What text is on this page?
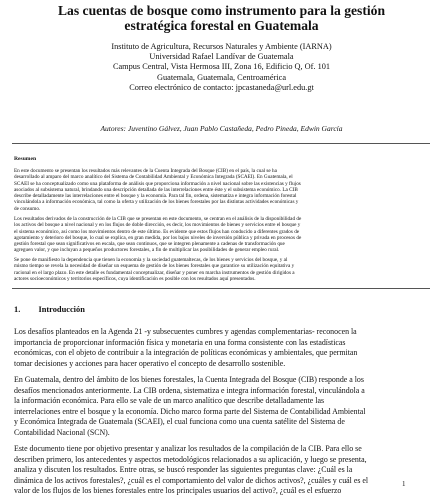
Las cuentas de bosque como instrumento para la gestión
estratégica forestal en Guatemala
Instituto de Agricultura, Recursos Naturales y Ambiente (IARNA)
Universidad Rafael Landívar de Guatemala
Campus Central, Vista Hermosa III, Zona 16, Edificio Q, Of. 101
Guatemala, Guatemala, Centroamérica
Correo electrónico de contacto: jpcastaneda@url.edu.gt
Autores: Juventino Gálvez, Juan Pablo Castañeda, Pedro Pineda, Edwin García
Resumen
En este documento se presentan los resultados más relevantes de la Cuenta Integrada del Bosque (CIB) en el país, la cual se ha
desarrollado al amparo del marco analítico del Sistema de Contabilidad Ambiental y Económica Integrada (SCAEI). En Guatemala, el
SCAEI se ha conceptualizado como una plataforma de análisis que proporciona información a nivel nacional sobre las existencias y flujos
asociados al subsistema natural, brindando una descripción detallada de las interrelaciones entre éste y el subsistema económico. La CIB
describe detalladamente las interrelaciones entre el bosque y la economía. Para tal fin, ordena, sistematiza e integra información forestal
vinculándola a información económica, tal como la oferta y utilización de los bienes forestales por las distintas actividades económicas y
de consumo.
Los resultados derivados de la construcción de la CIB que se presentan en este documento, se centran en el análisis de la disponibilidad de
los activos del bosque a nivel nacional y en los flujos de doble dirección, es decir, los movimientos de bienes y servicios entre el bosque y
el sistema económico, así como los movimientos dentro de este último. Es evidente que estos flujos han conducido a diferentes grados de
agotamiento y deterioro del bosque, lo cual se explica, en gran medida, por los bajos niveles de inversión pública y privada en procesos de
gestión forestal que sean significativos en escala, que sean continuos, que se integren plenamente a cadenas de transformación que
agreguen valor, y que incluyan a pequeños productores forestales, a fin de multiplicar las posibilidades de generar empleo rural.
Se pone de manifiesto la dependencia que tienen la economía y la sociedad guatemaltecas, de los bienes y servicios del bosque, y al
mismo tiempo se revela la necesidad de diseñar un esquema de gestión de los bienes forestales que garantice su utilización equitativa y
racional en el largo plazo. En este detalle es fundamental conceptualizar, diseñar y poner en marcha instrumentos de gestión dirigidos a
actores socioeconómicos y territorios específicos, cuya identificación es posible con los resultados aquí presentados.
1. Introducción
Los desafíos planteados en la Agenda 21 -y subsecuentes cumbres y agendas complementarias- reconocen la
importancia de proporcionar información física y monetaria en una forma consistente con las estadísticas
económicas, con el objeto de contribuir a la integración de políticas económicas y ambientales, que permitan
tomar decisiones y acciones para hacer operativo el concepto de desarrollo sostenible.
En Guatemala, dentro del ámbito de los bienes forestales, la Cuenta Integrada del Bosque (CIB) responde a los
desafíos mencionados anteriormente. La CIB ordena, sistematiza e integra información forestal, vinculándola a
la información económica. Para ello se vale de un marco analítico que describe detalladamente las
interrelaciones entre el bosque y la economía. Dicho marco forma parte del Sistema de Contabilidad Ambiental
y Económica Integrada de Guatemala (SCAEI), el cual funciona como una cuenta satélite del Sistema de
Contabilidad Nacional (SCN).
Este documento tiene por objetivo presentar y analizar los resultados de la compilación de la CIB. Para ello se
describen primero, los antecedentes y aspectos metodológicos relacionados a su aplicación, y luego se presenta,
analiza y discuten los resultados. Entre otras, se buscó responder las siguientes preguntas clave: ¿Cuál es la
dinámica de los activos forestales?, ¿cuál es el comportamiento del valor de dichos activos?, ¿cuáles y cuál es el
valor de los flujos de los bienes forestales entre los principales usuarios del activo?, ¿cuál es el esfuerzo
1
